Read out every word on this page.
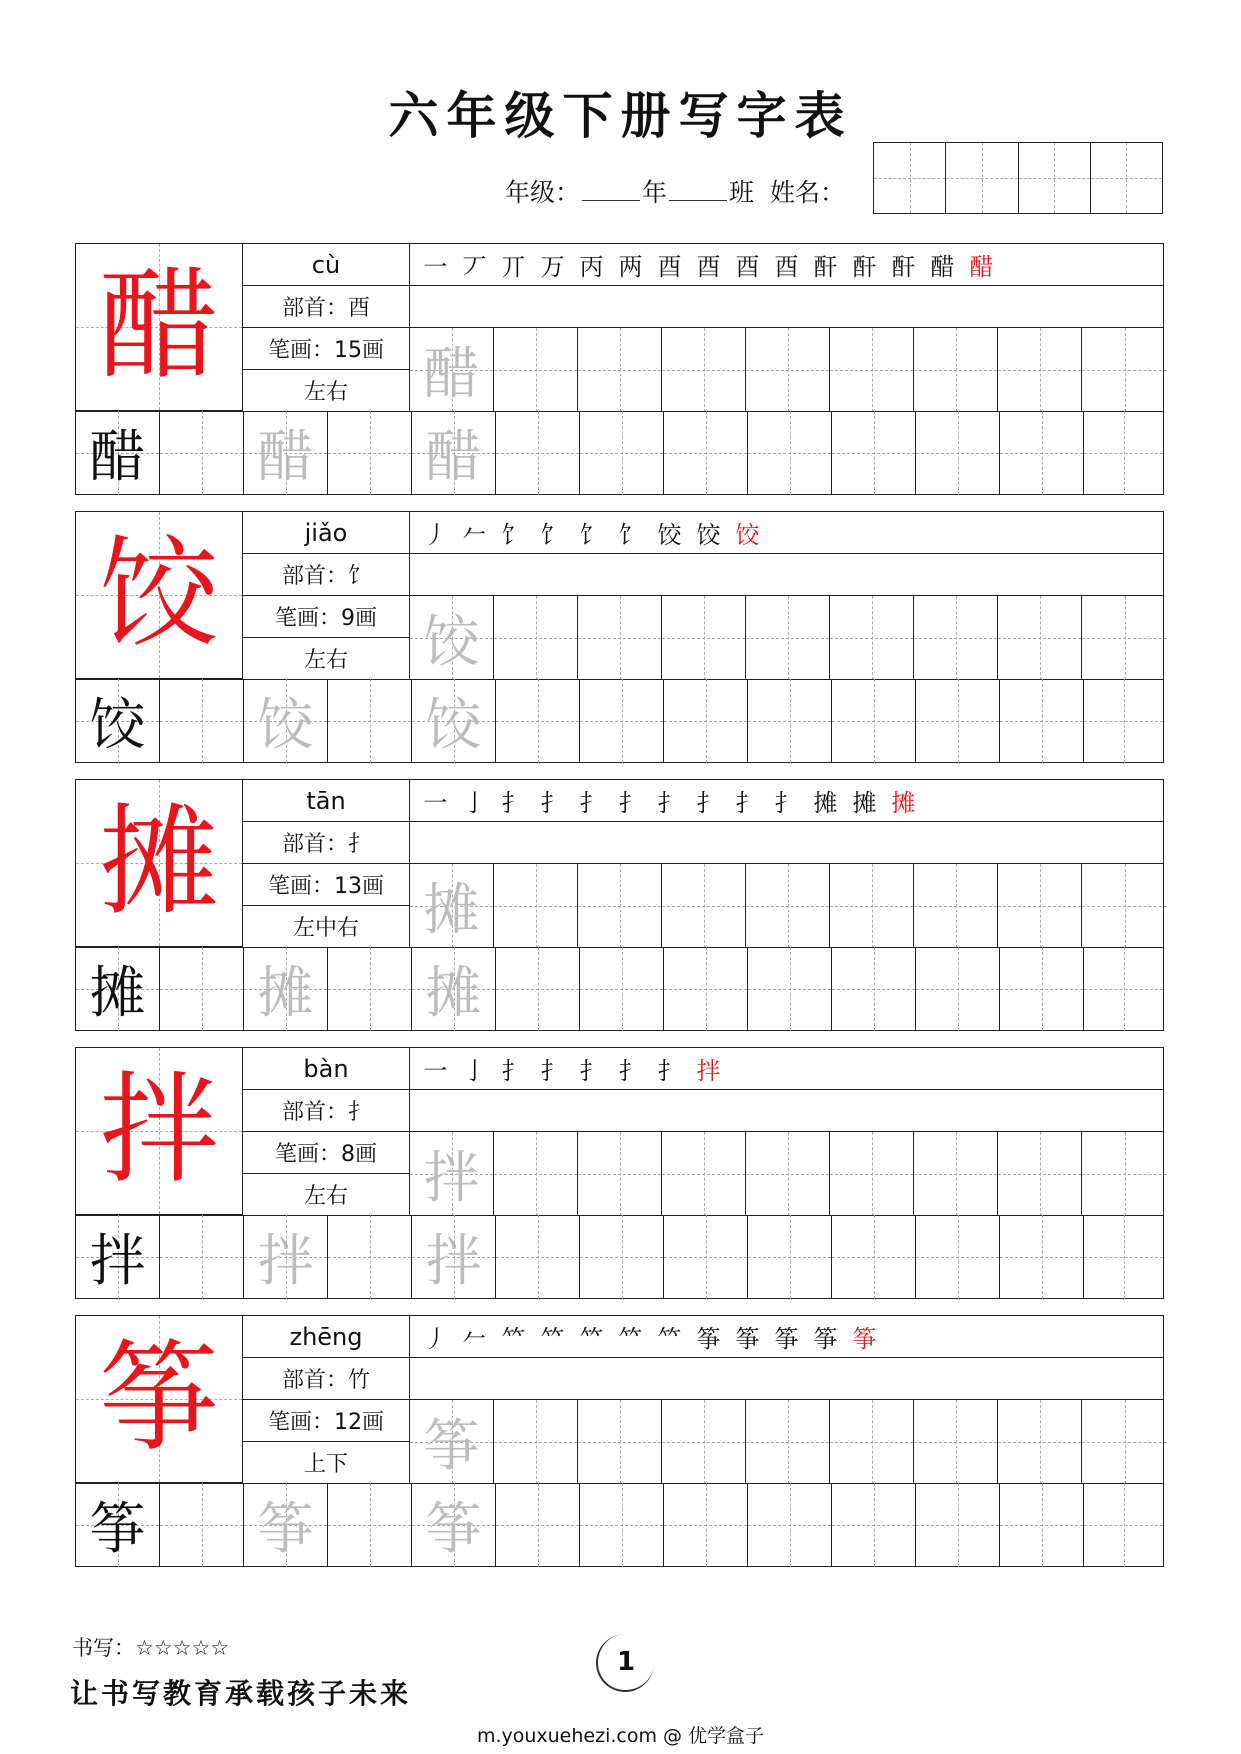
六年级下册写字表
年级： 年 班 姓名：
醋	cù
部首： 酉
笔画： 15画
左右
一 丆 丌 万 丙 两 酉 酉 酉 酉 酐 酐 酐 醋 醋
醋
醋 醋 醋
饺	jiǎo
部首： 饣
笔画： 9画
左右
丿 𠂉 饣 饣 饣 饣 饺 饺 饺
饺
饺 饺 饺
摊	tān
部首： 扌
笔画： 13画
左中右
一 亅 扌 扌 扌 扌 扌 扌 扌 扌 摊 摊 摊
摊
摊 摊 摊
拌	bàn
部首： 扌
笔画： 8画
左右
一 亅 扌 扌 扌 扌 扌 拌
拌
拌 拌 拌
筝	zhēng
部首： 竹
笔画： 12画
上下
丿 𠂉 𥫗 𥫗 𥫗 𥫗 𥫗 筝 筝 筝 筝 筝
筝
筝 筝 筝
书写：☆☆☆☆☆
让书写教育承载孩子未来
1
m.youxuehezi.com @ 优学盒子
